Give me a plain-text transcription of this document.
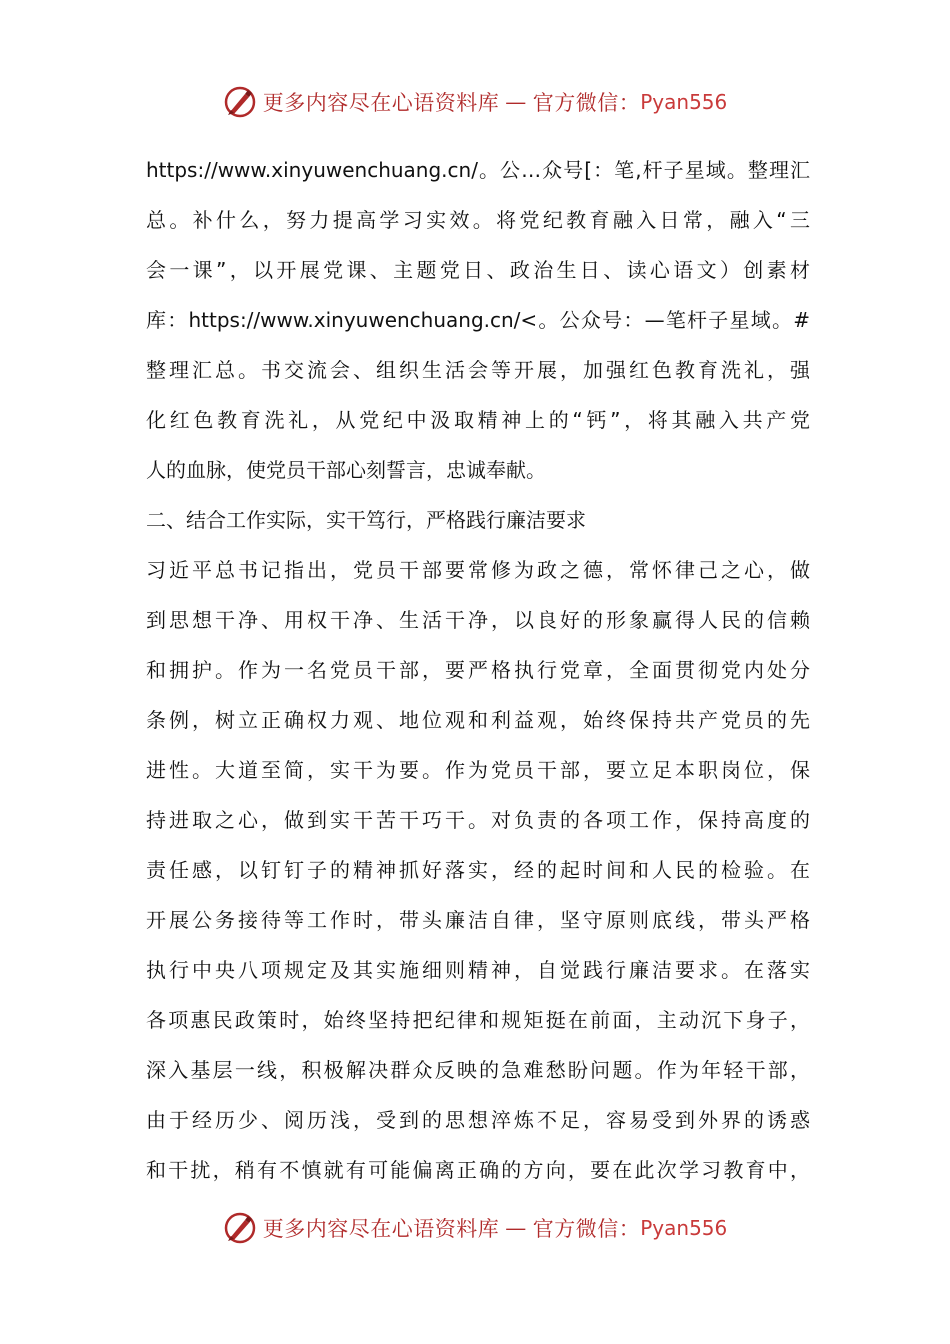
更多内容尽在心语资料库 — 官方微信： Pyan556
https://www.xinyuwenchuang.cn/。公…众号[：笔,杆子星域。整理汇
总。补什么，努力提高学习实效。将党纪教育融入日常，融入“三
会一课”，以开展党课、主题党日、政治生日、读心语文）创素材
库：https://www.xinyuwenchuang.cn/<。公众号：—笔杆子星域。#
整理汇总。书交流会、组织生活会等开展，加强红色教育洗礼，强
化红色教育洗礼，从党纪中汲取精神上的“钙”，将其融入共产党
人的血脉，使党员干部心刻誓言，忠诚奉献。
二、结合工作实际，实干笃行，严格践行廉洁要求
习近平总书记指出，党员干部要常修为政之德，常怀律己之心，做
到思想干净、用权干净、生活干净，以良好的形象赢得人民的信赖
和拥护。作为一名党员干部，要严格执行党章，全面贯彻党内处分
条例，树立正确权力观、地位观和利益观，始终保持共产党员的先
进性。大道至简，实干为要。作为党员干部，要立足本职岗位，保
持进取之心，做到实干苦干巧干。对负责的各项工作，保持高度的
责任感，以钉钉子的精神抓好落实，经的起时间和人民的检验。在
开展公务接待等工作时，带头廉洁自律，坚守原则底线，带头严格
执行中央八项规定及其实施细则精神，自觉践行廉洁要求。在落实
各项惠民政策时，始终坚持把纪律和规矩挺在前面，主动沉下身子，
深入基层一线，积极解决群众反映的急难愁盼问题。作为年轻干部，
由于经历少、阅历浅，受到的思想淬炼不足，容易受到外界的诱惑
和干扰，稍有不慎就有可能偏离正确的方向，要在此次学习教育中，
更多内容尽在心语资料库 — 官方微信： Pyan556
